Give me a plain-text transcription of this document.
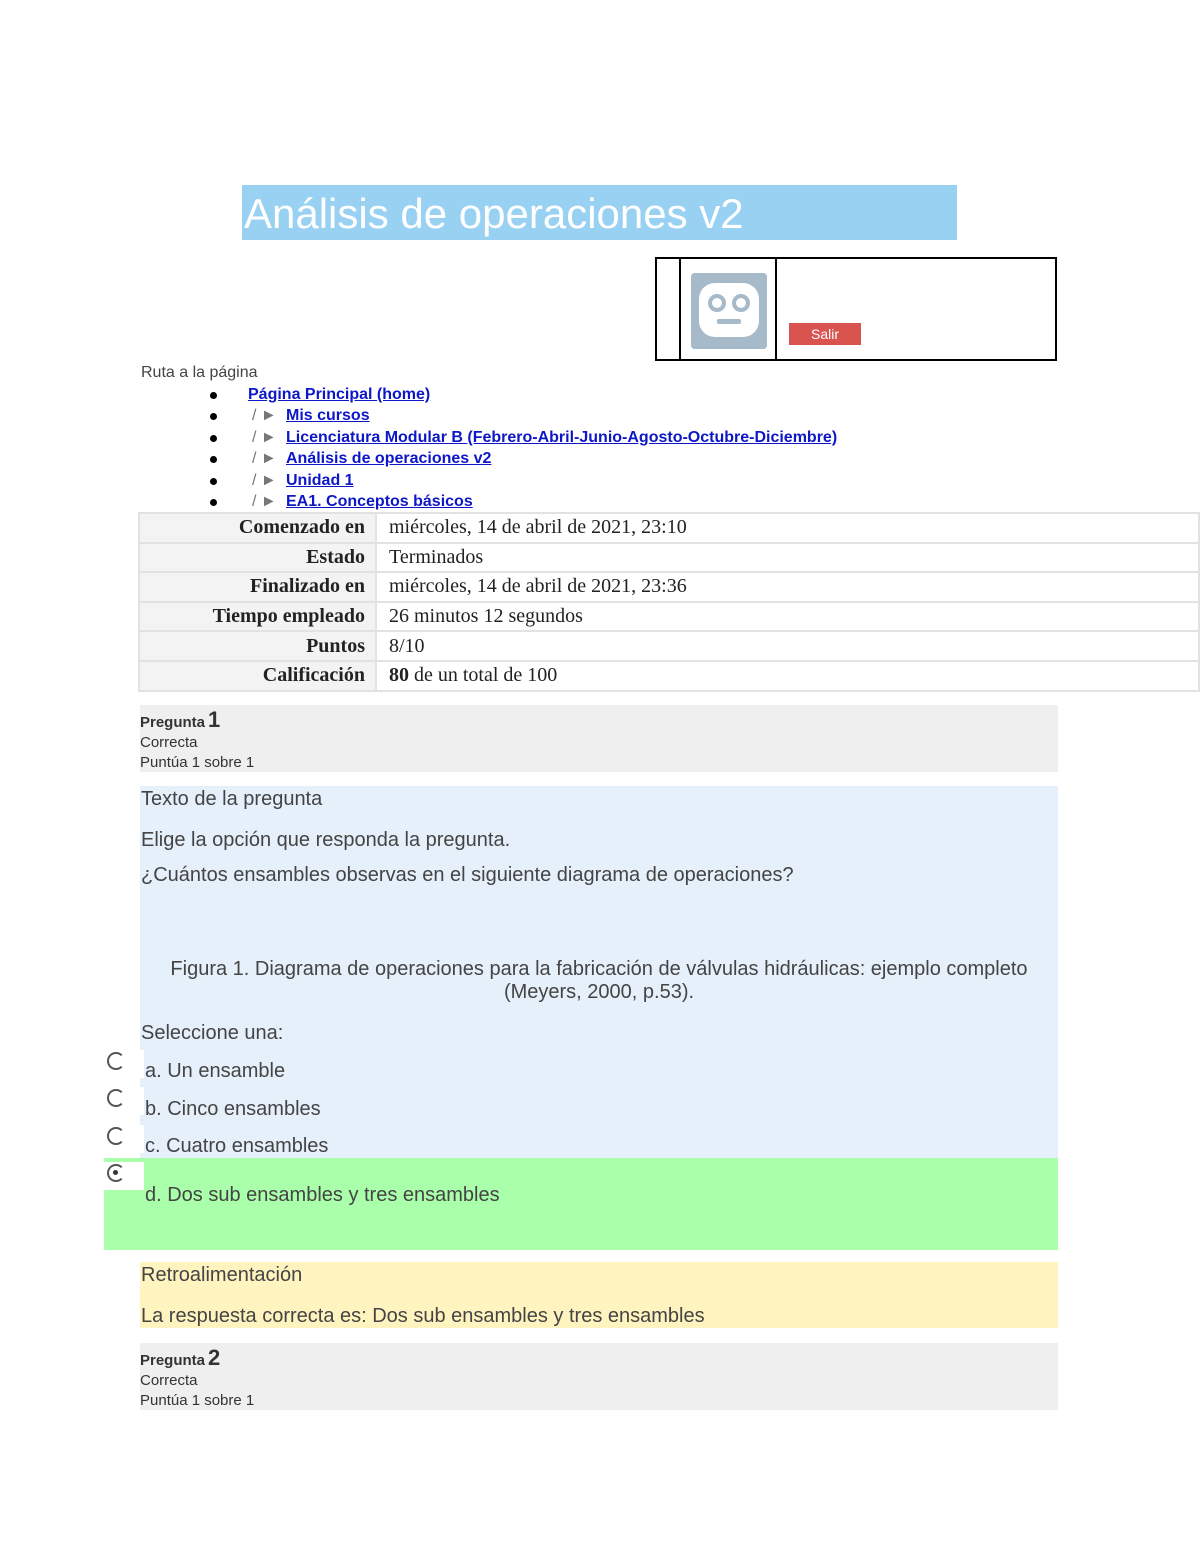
Análisis de operaciones v2
Salir
Ruta a la página
Página Principal (home)
/ ► Mis cursos
/ ► Licenciatura Modular B (Febrero-Abril-Junio-Agosto-Octubre-Diciembre)
/ ► Análisis de operaciones v2
/ ► Unidad 1
/ ► EA1. Conceptos básicos
Comenzado en	miércoles, 14 de abril de 2021, 23:10
Estado	Terminados
Finalizado en	miércoles, 14 de abril de 2021, 23:36
Tiempo empleado	26 minutos 12 segundos
Puntos	8/10
Calificación	80 de un total de 100
Pregunta 1
Correcta
Puntúa 1 sobre 1
Texto de la pregunta
Elige la opción que responda la pregunta.
¿Cuántos ensambles observas en el siguiente diagrama de operaciones?
Figura 1. Diagrama de operaciones para la fabricación de válvulas hidráulicas: ejemplo completo
(Meyers, 2000, p.53).
Seleccione una:
a. Un ensamble
b. Cinco ensambles
c. Cuatro ensambles
d. Dos sub ensambles y tres ensambles
Retroalimentación
La respuesta correcta es: Dos sub ensambles y tres ensambles
Pregunta 2
Correcta
Puntúa 1 sobre 1
